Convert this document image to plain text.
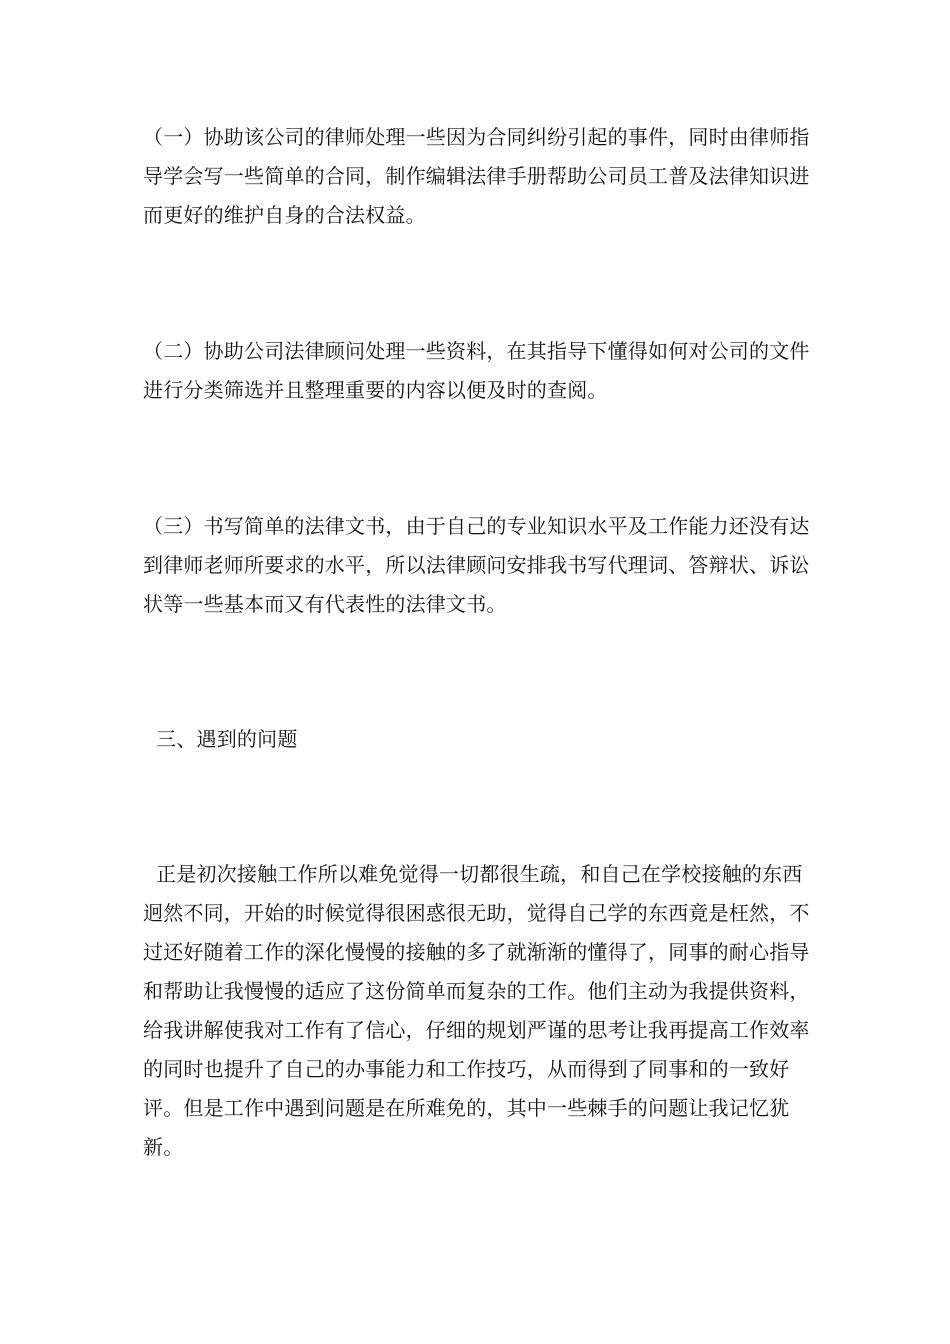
（一）协助该公司的律师处理一些因为合同纠纷引起的事件，同时由律师指导学会写一些简单的合同，制作编辑法律手册帮助公司员工普及法律知识进而更好的维护自身的合法权益。

（二）协助公司法律顾问处理一些资料，在其指导下懂得如何对公司的文件进行分类筛选并且整理重要的内容以便及时的查阅。

（三）书写简单的法律文书，由于自己的专业知识水平及工作能力还没有达到律师老师所要求的水平，所以法律顾问安排我书写代理词、答辩状、诉讼状等一些基本而又有代表性的法律文书。

三、遇到的问题

正是初次接触工作所以难免觉得一切都很生疏，和自己在学校接触的东西迥然不同，开始的时候觉得很困惑很无助，觉得自己学的东西竟是枉然，不过还好随着工作的深化慢慢的接触的多了就渐渐的懂得了，同事的耐心指导和帮助让我慢慢的适应了这份简单而复杂的工作。他们主动为我提供资料，给我讲解使我对工作有了信心，仔细的规划严谨的思考让我再提高工作效率的同时也提升了自己的办事能力和工作技巧，从而得到了同事和的一致好评。但是工作中遇到问题是在所难免的，其中一些棘手的问题让我记忆犹新。
